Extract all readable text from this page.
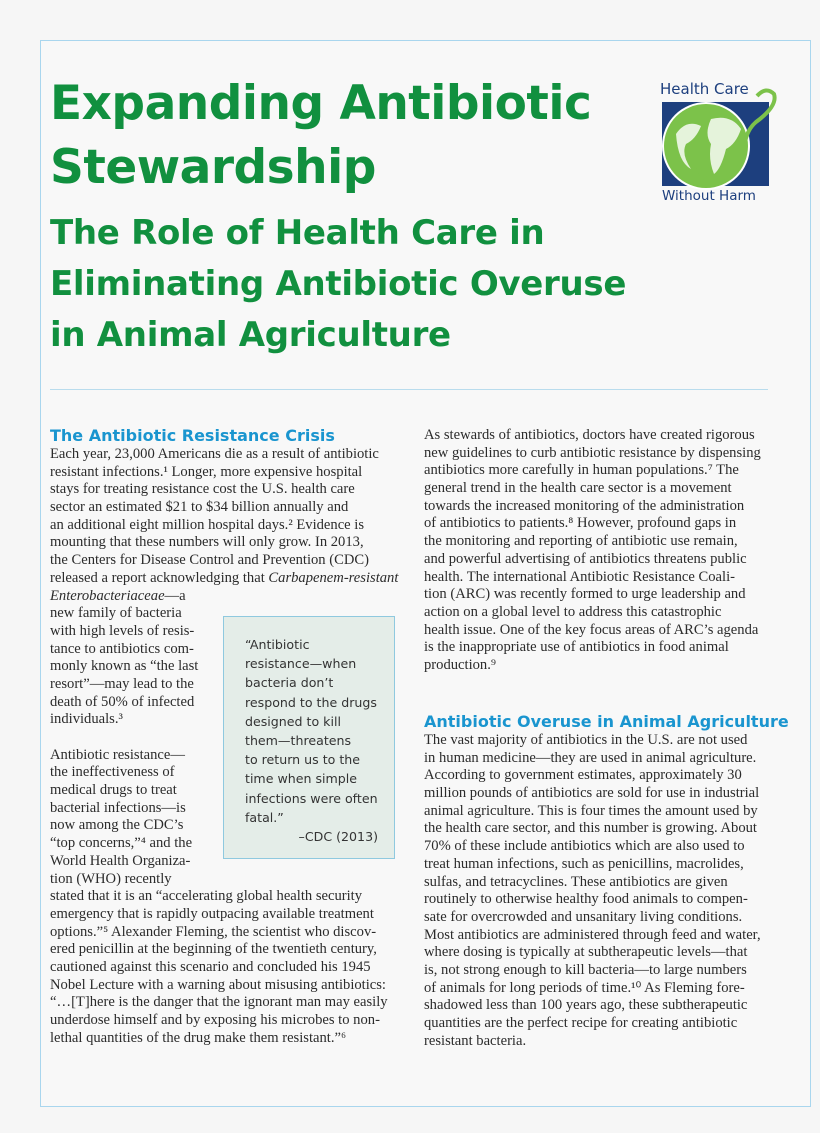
Expanding Antibiotic
Stewardship
The Role of Health Care in
Eliminating Antibiotic Overuse
in Animal Agriculture
Health Care
Without Harm
The Antibiotic Resistance Crisis
Each year, 23,000 Americans die as a result of antibiotic
resistant infections.¹ Longer, more expensive hospital
stays for treating resistance cost the U.S. health care
sector an estimated $21 to $34 billion annually and
an additional eight million hospital days.² Evidence is
mounting that these numbers will only grow. In 2013,
the Centers for Disease Control and Prevention (CDC)
released a report acknowledging that Carbapenem-resistant
Enterobacteriaceae—a
new family of bacteria
with high levels of resis-
tance to antibiotics com-
monly known as “the last
resort”—may lead to the
death of 50% of infected
individuals.³
Antibiotic resistance—
the ineffectiveness of
medical drugs to treat
bacterial infections—is
now among the CDC’s
“top concerns,”⁴ and the
World Health Organiza-
tion (WHO) recently
stated that it is an “accelerating global health security
emergency that is rapidly outpacing available treatment
options.”⁵ Alexander Fleming, the scientist who discov-
ered penicillin at the beginning of the twentieth century,
cautioned against this scenario and concluded his 1945
Nobel Lecture with a warning about misusing antibiotics:
“…[T]here is the danger that the ignorant man may easily
underdose himself and by exposing his microbes to non-
lethal quantities of the drug make them resistant.”⁶
“Antibiotic
resistance—when
bacteria don’t
respond to the drugs
designed to kill
them—threatens
to return us to the
time when simple
infections were often
fatal.”
–CDC (2013)
As stewards of antibiotics, doctors have created rigorous
new guidelines to curb antibiotic resistance by dispensing
antibiotics more carefully in human populations.⁷ The
general trend in the health care sector is a movement
towards the increased monitoring of the administration
of antibiotics to patients.⁸ However, profound gaps in
the monitoring and reporting of antibiotic use remain,
and powerful advertising of antibiotics threatens public
health. The international Antibiotic Resistance Coali-
tion (ARC) was recently formed to urge leadership and
action on a global level to address this catastrophic
health issue. One of the key focus areas of ARC’s agenda
is the inappropriate use of antibiotics in food animal
production.⁹
Antibiotic Overuse in Animal Agriculture
The vast majority of antibiotics in the U.S. are not used
in human medicine—they are used in animal agriculture.
According to government estimates, approximately 30
million pounds of antibiotics are sold for use in industrial
animal agriculture. This is four times the amount used by
the health care sector, and this number is growing. About
70% of these include antibiotics which are also used to
treat human infections, such as penicillins, macrolides,
sulfas, and tetracyclines. These antibiotics are given
routinely to otherwise healthy food animals to compen-
sate for overcrowded and unsanitary living conditions.
Most antibiotics are administered through feed and water,
where dosing is typically at subtherapeutic levels—that
is, not strong enough to kill bacteria—to large numbers
of animals for long periods of time.¹⁰ As Fleming fore-
shadowed less than 100 years ago, these subtherapeutic
quantities are the perfect recipe for creating antibiotic
resistant bacteria.
